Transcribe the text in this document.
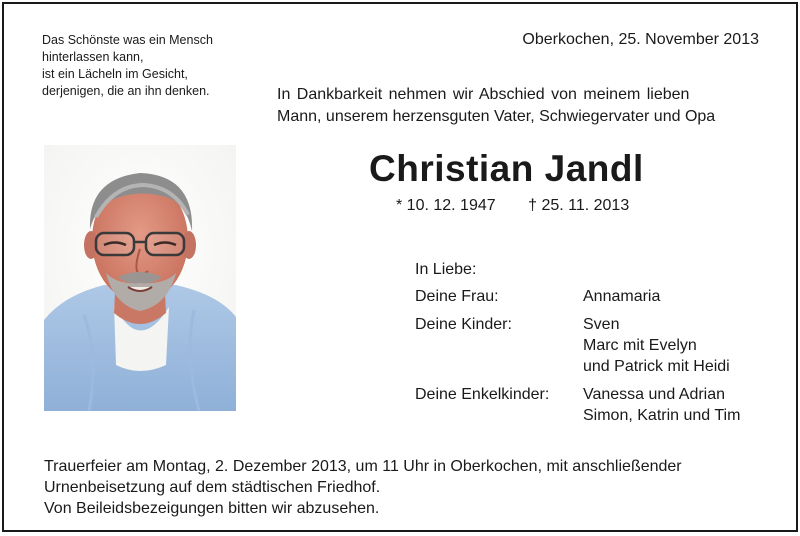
Das Schönste was ein Mensch
hinterlassen kann,
ist ein Lächeln im Gesicht,
derjenigen, die an ihn denken.
Oberkochen, 25. November 2013
In Dankbarkeit nehmen wir Abschied von meinem lieben
Mann, unserem herzensguten Vater, Schwiegervater und Opa
Christian Jandl
* 10. 12. 1947 † 25. 11. 2013
In Liebe:
Deine Frau:	Annamaria
Deine Kinder:	Sven
Marc mit Evelyn
und Patrick mit Heidi
Deine Enkelkinder:	Vanessa und Adrian
Simon, Katrin und Tim
Trauerfeier am Montag, 2. Dezember 2013, um 11 Uhr in Oberkochen, mit anschließender
Urnenbeisetzung auf dem städtischen Friedhof.
Von Beileidsbezeigungen bitten wir abzusehen.
